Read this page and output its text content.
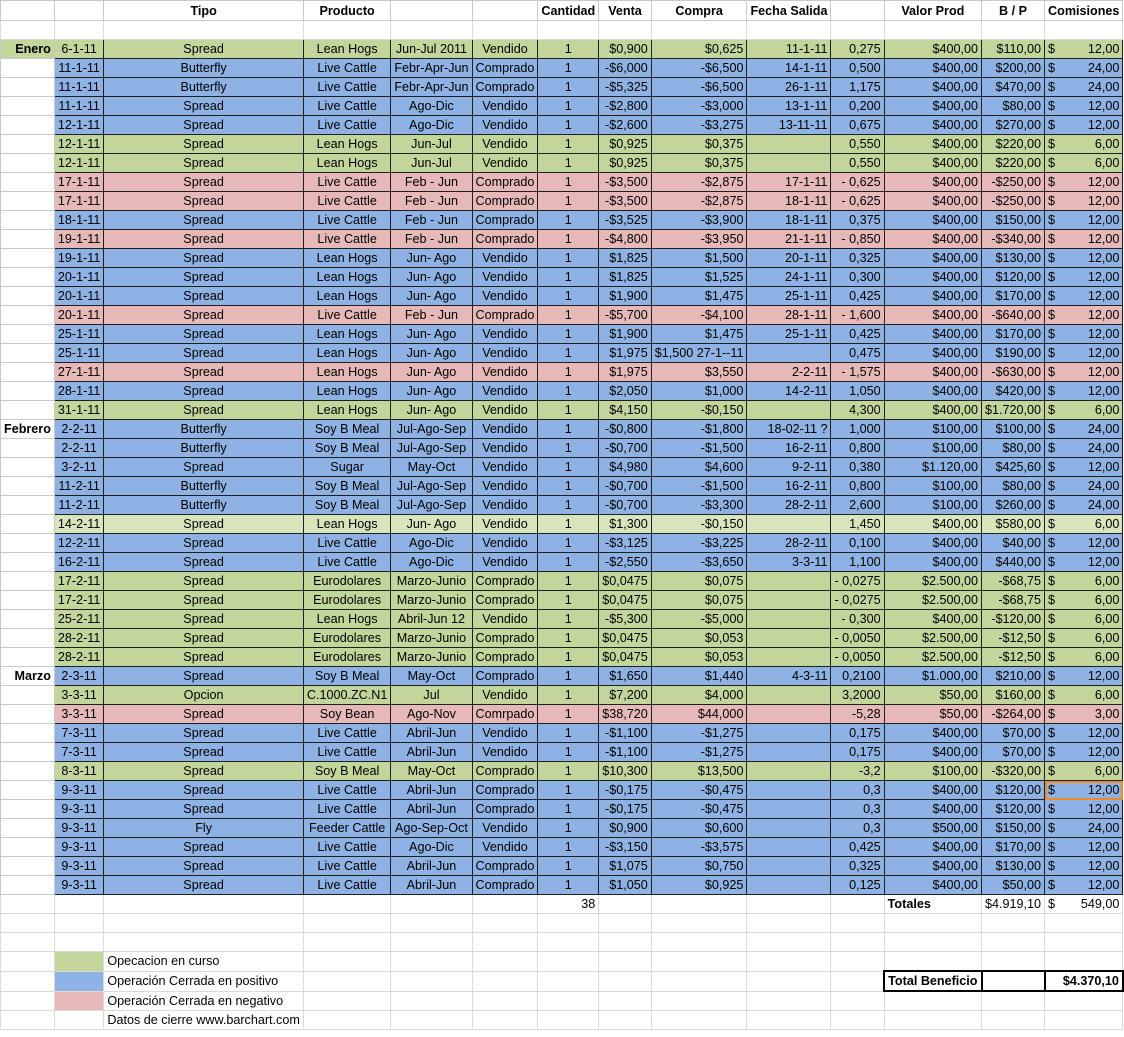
		Tipo	Producto			Cantidad	Venta	Compra	Fecha Salida		Valor Prod	B / P	Comisiones

Enero	6-1-11	Spread	Lean Hogs	Jun-Jul 2011	Vendido	1	$0,900	$0,625	11-1-11	0,275	$400,00	$110,00	$ 12,00

	11-1-11	Butterfly	Live Cattle	Febr-Apr-Jun	Comprado	1	-$6,000	-$6,500	14-1-11	0,500	$400,00	$200,00	$ 24,00

	11-1-11	Butterfly	Live Cattle	Febr-Apr-Jun	Comprado	1	-$5,325	-$6,500	26-1-11	1,175	$400,00	$470,00	$ 24,00

	11-1-11	Spread	Live Cattle	Ago-Dic	Vendido	1	-$2,800	-$3,000	13-1-11	0,200	$400,00	$80,00	$ 12,00

	12-1-11	Spread	Live Cattle	Ago-Dic	Vendido	1	-$2,600	-$3,275	13-11-11	0,675	$400,00	$270,00	$ 12,00

	12-1-11	Spread	Lean Hogs	Jun-Jul	Vendido	1	$0,925	$0,375		0,550	$400,00	$220,00	$ 6,00

	12-1-11	Spread	Lean Hogs	Jun-Jul	Vendido	1	$0,925	$0,375		0,550	$400,00	$220,00	$ 6,00

	17-1-11	Spread	Live Cattle	Feb - Jun	Comprado	1	-$3,500	-$2,875	17-1-11	- 0,625	$400,00	-$250,00	$ 12,00

	17-1-11	Spread	Live Cattle	Feb - Jun	Comprado	1	-$3,500	-$2,875	18-1-11	- 0,625	$400,00	-$250,00	$ 12,00

	18-1-11	Spread	Live Cattle	Feb - Jun	Comprado	1	-$3,525	-$3,900	18-1-11	0,375	$400,00	$150,00	$ 12,00

	19-1-11	Spread	Live Cattle	Feb - Jun	Comprado	1	-$4,800	-$3,950	21-1-11	- 0,850	$400,00	-$340,00	$ 12,00

	19-1-11	Spread	Lean Hogs	Jun- Ago	Vendido	1	$1,825	$1,500	20-1-11	0,325	$400,00	$130,00	$ 12,00

	20-1-11	Spread	Lean Hogs	Jun- Ago	Vendido	1	$1,825	$1,525	24-1-11	0,300	$400,00	$120,00	$ 12,00

	20-1-11	Spread	Lean Hogs	Jun- Ago	Vendido	1	$1,900	$1,475	25-1-11	0,425	$400,00	$170,00	$ 12,00

	20-1-11	Spread	Live Cattle	Feb - Jun	Comprado	1	-$5,700	-$4,100	28-1-11	- 1,600	$400,00	-$640,00	$ 12,00

	25-1-11	Spread	Lean Hogs	Jun- Ago	Vendido	1	$1,900	$1,475	25-1-11	0,425	$400,00	$170,00	$ 12,00

	25-1-11	Spread	Lean Hogs	Jun- Ago	Vendido	1	$1,975	$1,500 27-1--11		0,475	$400,00	$190,00	$ 12,00

	27-1-11	Spread	Lean Hogs	Jun- Ago	Vendido	1	$1,975	$3,550	2-2-11	- 1,575	$400,00	-$630,00	$ 12,00

	28-1-11	Spread	Lean Hogs	Jun- Ago	Vendido	1	$2,050	$1,000	14-2-11	1,050	$400,00	$420,00	$ 12,00

	31-1-11	Spread	Lean Hogs	Jun- Ago	Vendido	1	$4,150	-$0,150		4,300	$400,00	$1.720,00	$ 6,00

Febrero	2-2-11	Butterfly	Soy B Meal	Jul-Ago-Sep	Vendido	1	-$0,800	-$1,800	18-02-11 ?	1,000	$100,00	$100,00	$ 24,00

	2-2-11	Butterfly	Soy B Meal	Jul-Ago-Sep	Vendido	1	-$0,700	-$1,500	16-2-11	0,800	$100,00	$80,00	$ 24,00

	3-2-11	Spread	Sugar	May-Oct	Vendido	1	$4,980	$4,600	9-2-11	0,380	$1.120,00	$425,60	$ 12,00

	11-2-11	Butterfly	Soy B Meal	Jul-Ago-Sep	Vendido	1	-$0,700	-$1,500	16-2-11	0,800	$100,00	$80,00	$ 24,00

	11-2-11	Butterfly	Soy B Meal	Jul-Ago-Sep	Vendido	1	-$0,700	-$3,300	28-2-11	2,600	$100,00	$260,00	$ 24,00

	14-2-11	Spread	Lean Hogs	Jun- Ago	Vendido	1	$1,300	-$0,150		1,450	$400,00	$580,00	$ 6,00

	12-2-11	Spread	Live Cattle	Ago-Dic	Vendido	1	-$3,125	-$3,225	28-2-11	0,100	$400,00	$40,00	$ 12,00

	16-2-11	Spread	Live Cattle	Ago-Dic	Vendido	1	-$2,550	-$3,650	3-3-11	1,100	$400,00	$440,00	$ 12,00

	17-2-11	Spread	Eurodolares	Marzo-Junio	Comprado	1	$0,0475	$0,075		- 0,0275	$2.500,00	-$68,75	$ 6,00

	17-2-11	Spread	Eurodolares	Marzo-Junio	Comprado	1	$0,0475	$0,075		- 0,0275	$2.500,00	-$68,75	$ 6,00

	25-2-11	Spread	Lean Hogs	Abril-Jun 12	Vendido	1	-$5,300	-$5,000		- 0,300	$400,00	-$120,00	$ 6,00

	28-2-11	Spread	Eurodolares	Marzo-Junio	Comprado	1	$0,0475	$0,053		- 0,0050	$2.500,00	-$12,50	$ 6,00

	28-2-11	Spread	Eurodolares	Marzo-Junio	Comprado	1	$0,0475	$0,053		- 0,0050	$2.500,00	-$12,50	$ 6,00

Marzo	2-3-11	Spread	Soy B Meal	May-Oct	Comprado	1	$1,650	$1,440	4-3-11	0,2100	$1.000,00	$210,00	$ 12,00

	3-3-11	Opcion	C.1000.ZC.N1	Jul	Vendido	1	$7,200	$4,000		3,2000	$50,00	$160,00	$ 6,00

	3-3-11	Spread	Soy Bean	Ago-Nov	Comrpado	1	$38,720	$44,000		-5,28	$50,00	-$264,00	$ 3,00

	7-3-11	Spread	Live Cattle	Abril-Jun	Vendido	1	-$1,100	-$1,275		0,175	$400,00	$70,00	$ 12,00

	7-3-11	Spread	Live Cattle	Abril-Jun	Vendido	1	-$1,100	-$1,275		0,175	$400,00	$70,00	$ 12,00

	8-3-11	Spread	Soy B Meal	May-Oct	Comprado	1	$10,300	$13,500		-3,2	$100,00	-$320,00	$ 6,00

	9-3-11	Spread	Live Cattle	Abril-Jun	Comprado	1	-$0,175	-$0,475		0,3	$400,00	$120,00	$ 12,00

	9-3-11	Spread	Live Cattle	Abril-Jun	Comprado	1	-$0,175	-$0,475		0,3	$400,00	$120,00	$ 12,00

	9-3-11	Fly	Feeder Cattle	Ago-Sep-Oct	Vendido	1	$0,900	$0,600		0,3	$500,00	$150,00	$ 24,00

	9-3-11	Spread	Live Cattle	Ago-Dic	Vendido	1	-$3,150	-$3,575		0,425	$400,00	$170,00	$ 12,00

	9-3-11	Spread	Live Cattle	Abril-Jun	Comprado	1	$1,075	$0,750		0,325	$400,00	$130,00	$ 12,00

	9-3-11	Spread	Live Cattle	Abril-Jun	Comprado	1	$1,050	$0,925		0,125	$400,00	$50,00	$ 12,00

						38					Totales	$4.919,10	$ 549,00

		Opecacion en curso											
		Operación Cerrada en positivo									Total Beneficio		$4.370,10
		Operación Cerrada en negativo											
		Datos de cierre www.barchart.com											
